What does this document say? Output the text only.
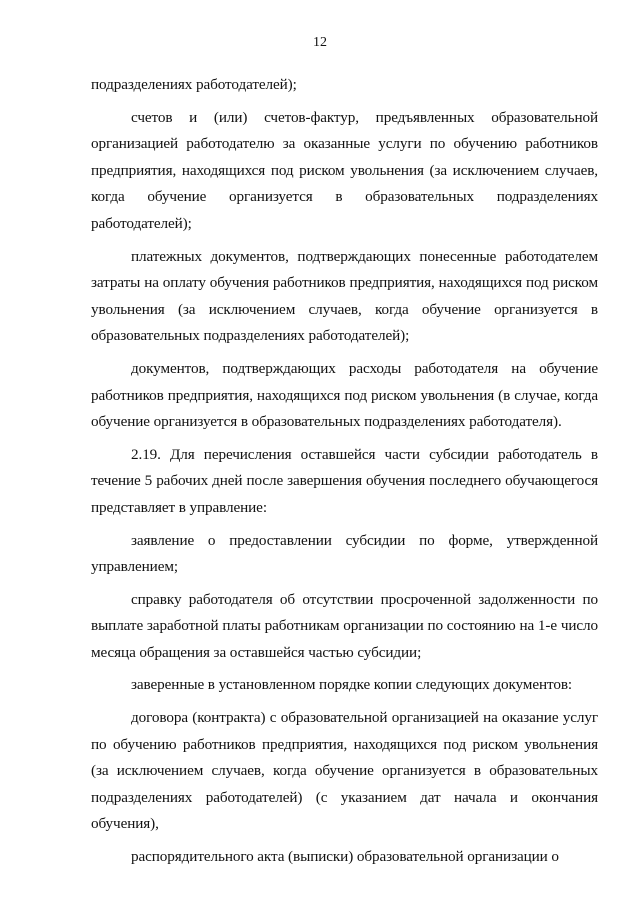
12

подразделениях работодателей);

счетов и (или) счетов-фактур, предъявленных образовательной организацией работодателю за оказанные услуги по обучению работников предприятия, находящихся под риском увольнения (за исключением случаев, когда обучение организуется в образовательных подразделениях работодателей);

платежных документов, подтверждающих понесенные работодателем затраты на оплату обучения работников предприятия, находящихся под риском увольнения (за исключением случаев, когда обучение организуется в образовательных подразделениях работодателей);

документов, подтверждающих расходы работодателя на обучение работников предприятия, находящихся под риском увольнения (в случае, когда обучение организуется в образовательных подразделениях работодателя).

2.19. Для перечисления оставшейся части субсидии работодатель в течение 5 рабочих дней после завершения обучения последнего обучающегося представляет в управление:

заявление о предоставлении субсидии по форме, утвержденной управлением;

справку работодателя об отсутствии просроченной задолженности по выплате заработной платы работникам организации по состоянию на 1-е число месяца обращения за оставшейся частью субсидии;

заверенные в установленном порядке копии следующих документов:

договора (контракта) с образовательной организацией на оказание услуг по обучению работников предприятия, находящихся под риском увольнения (за исключением случаев, когда обучение организуется в образовательных подразделениях работодателей) (с указанием дат начала и окончания обучения),

распорядительного акта (выписки) образовательной организации о
